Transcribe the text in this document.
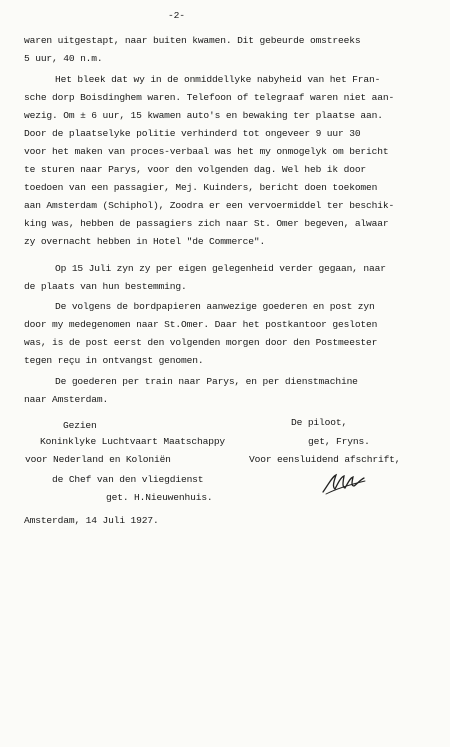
-2-
waren uitgestapt, naar buiten kwamen. Dit gebeurde omstreeks
5 uur, 40 n.m.
Het bleek dat wy in de onmiddellyke nabyheid van het Fran-
sche dorp Boisdinghem waren. Telefoon of telegraaf waren niet aan-
wezig. Om ± 6 uur, 15 kwamen auto's en bewaking ter plaatse aan.
Door de plaatselyke politie verhinderd tot ongeveer 9 uur 30
voor het maken van proces-verbaal was het my onmogelyk om bericht
te sturen naar Parys, voor den volgenden dag. Wel heb ik door
toedoen van een passagier, Mej. Kuinders, bericht doen toekomen
aan Amsterdam (Schiphol), Zoodra er een vervoermiddel ter beschik-
king was, hebben de passagiers zich naar St. Omer begeven, alwaar
zy overnacht hebben in Hotel "de Commerce".
Op 15 Juli zyn zy per eigen gelegenheid verder gegaan, naar
de plaats van hun bestemming.
De volgens de bordpapieren aanwezige goederen en post zyn
door my medegenomen naar St.Omer. Daar het postkantoor gesloten
was, is de post eerst den volgenden morgen door den Postmeester
tegen reçu in ontvangst genomen.
De goederen per train naar Parys, en per dienstmachine
naar Amsterdam.
Gezien
Koninklyke Luchtvaart Maatschappy
voor Nederland en Koloniën
de Chef van den vliegdienst
get. H.Nieuwenhuis.
De piloot,
get, Fryns.
Voor eensluidend afschrift,
Amsterdam, 14 Juli 1927.
